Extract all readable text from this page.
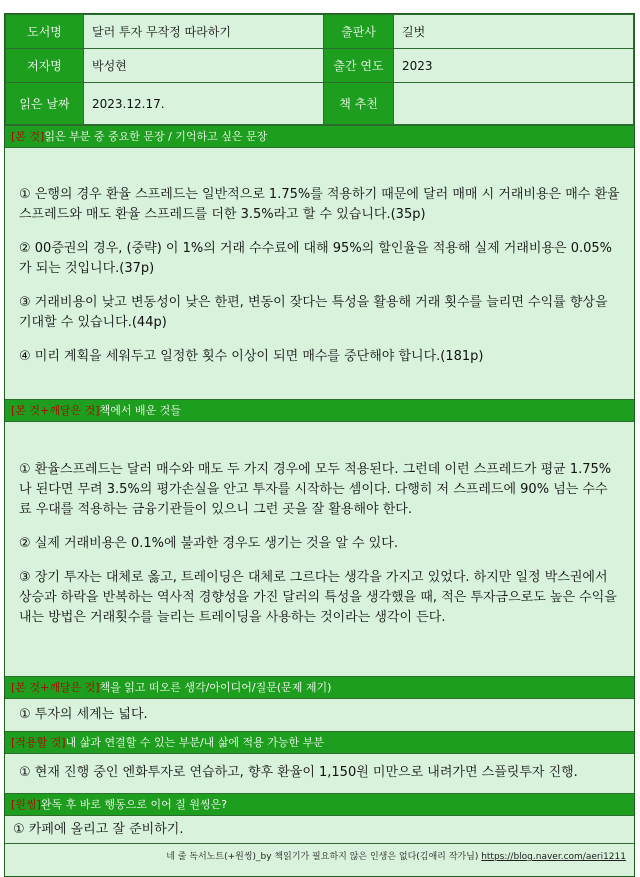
도서명	달러 투자 무작정 따라하기	출판사	길벗
저자명	박성현	출간 연도	2023
읽은 날짜	2023.12.17.	책 추천	
[본 것]읽은 부분 중 중요한 문장 / 기억하고 싶은 문장

① 은행의 경우 환율 스프레드는 일반적으로 1.75%를 적용하기 때문에 달러 매매 시 거래비용은 매수 환율 스프레드와 매도 환율 스프레드를 더한 3.5%라고 할 수 있습니다.(35p)

② 00증권의 경우, (중략) 이 1%의 거래 수수료에 대해 95%의 할인율을 적용해 실제 거래비용은 0.05%가 되는 것입니다.(37p)

③ 거래비용이 낮고 변동성이 낮은 한편, 변동이 잦다는 특성을 활용해 거래 횟수를 늘리면 수익률 향상을 기대할 수 있습니다.(44p)

④ 미리 계획을 세워두고 일정한 횟수 이상이 되면 매수를 중단해야 합니다.(181p)

[본 것+깨달은 것]책에서 배운 것들

① 환율스프레드는 달러 매수와 매도 두 가지 경우에 모두 적용된다. 그런데 이런 스프레드가 평균 1.75%나 된다면 무려 3.5%의 평가손실을 안고 투자를 시작하는 셈이다. 다행히 저 스프레드에 90% 넘는 수수료 우대를 적용하는 금융기관들이 있으니 그런 곳을 잘 활용해야 한다.

② 실제 거래비용은 0.1%에 불과한 경우도 생기는 것을 알 수 있다.

③ 장기 투자는 대체로 옳고, 트레이딩은 대체로 그르다는 생각을 가지고 있었다. 하지만 일정 박스권에서 상승과 하락을 반복하는 역사적 경향성을 가진 달러의 특성을 생각했을 때, 적은 투자금으로도 높은 수익을 내는 방법은 거래횟수를 늘리는 트레이딩을 사용하는 것이라는 생각이 든다.

[본 것+깨달은 것]책을 읽고 떠오른 생각/아이디어/질문(문제 제기)

① 투자의 세계는 넓다.

[적용할 것]내 삶과 연결할 수 있는 부분/내 삶에 적용 가능한 부분

① 현재 진행 중인 엔화투자로 연습하고, 향후 환율이 1,150원 미만으로 내려가면 스플릿투자 진행.

[원씽]완독 후 바로 행동으로 이어 질 원씽은?

① 카페에 올리고 잘 준비하기.

네 줄 독서노트(+원씽)_by 책읽기가 필요하지 않은 인생은 없다(김애리 작가님) https://blog.naver.com/aeri1211
